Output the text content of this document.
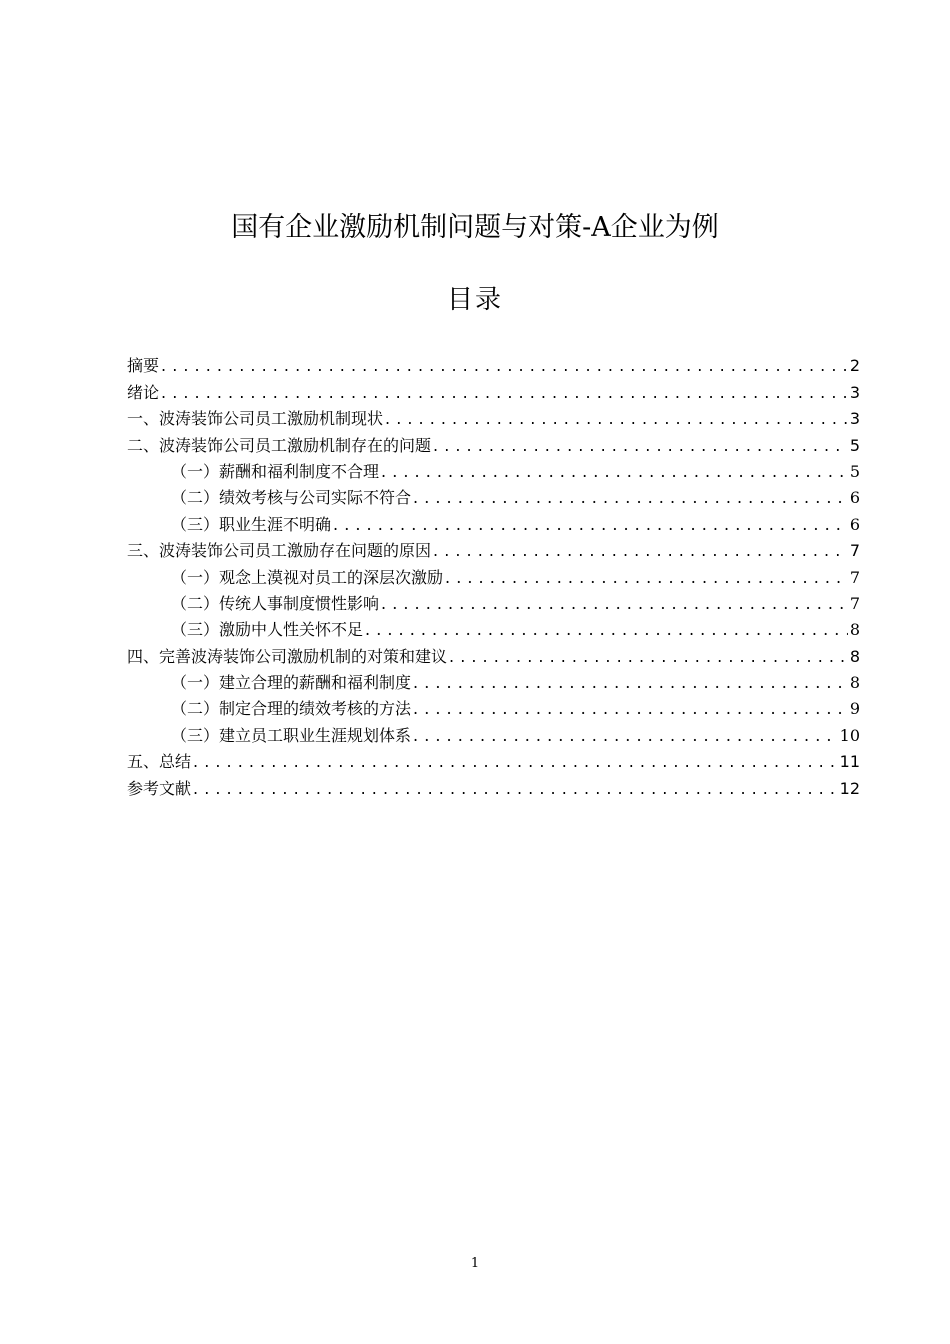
国有企业激励机制问题与对策-A企业为例
目录
摘要 . . .	2
绪论 . . .	3
一、波涛装饰公司员工激励机制现状 . . .	3
二、波涛装饰公司员工激励机制存在的问题 . . .	5
（一）薪酬和福利制度不合理 . . .	5
（二）绩效考核与公司实际不符合 . . .	6
（三）职业生涯不明确 . . .	6
三、波涛装饰公司员工激励存在问题的原因 . . .	7
（一）观念上漠视对员工的深层次激励 . . .	7
（二）传统人事制度惯性影响 . . .	7
（三）激励中人性关怀不足 . . .	8
四、完善波涛装饰公司激励机制的对策和建议 . . .	8
（一）建立合理的薪酬和福利制度 . . .	8
（二）制定合理的绩效考核的方法 . . .	9
（三）建立员工职业生涯规划体系 . . .	10
五、总结 . . .	11
参考文献 . . .	12
1
